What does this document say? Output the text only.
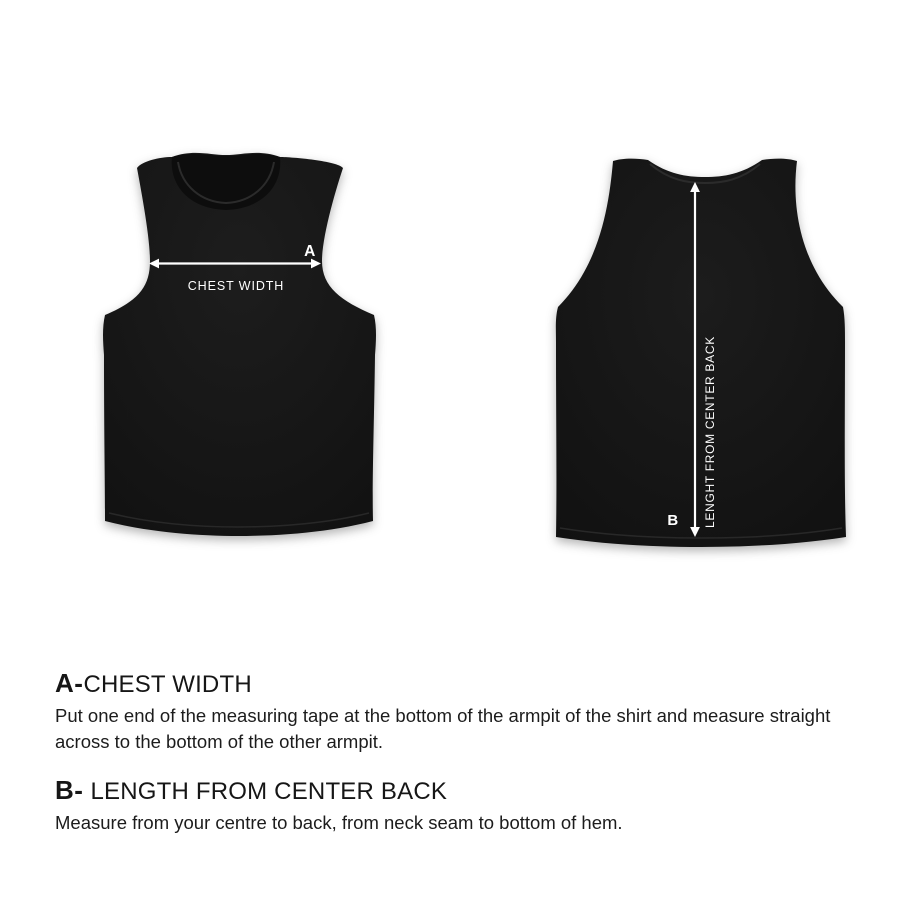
A
CHEST WIDTH
B LENGHT FROM CENTER BACK
A-CHEST WIDTH

Put one end of the measuring tape at the bottom of the armpit of the shirt and measure straight across to the bottom of the other armpit.

B- LENGTH FROM CENTER BACK

Measure from your centre to back, from neck seam to bottom of hem.
